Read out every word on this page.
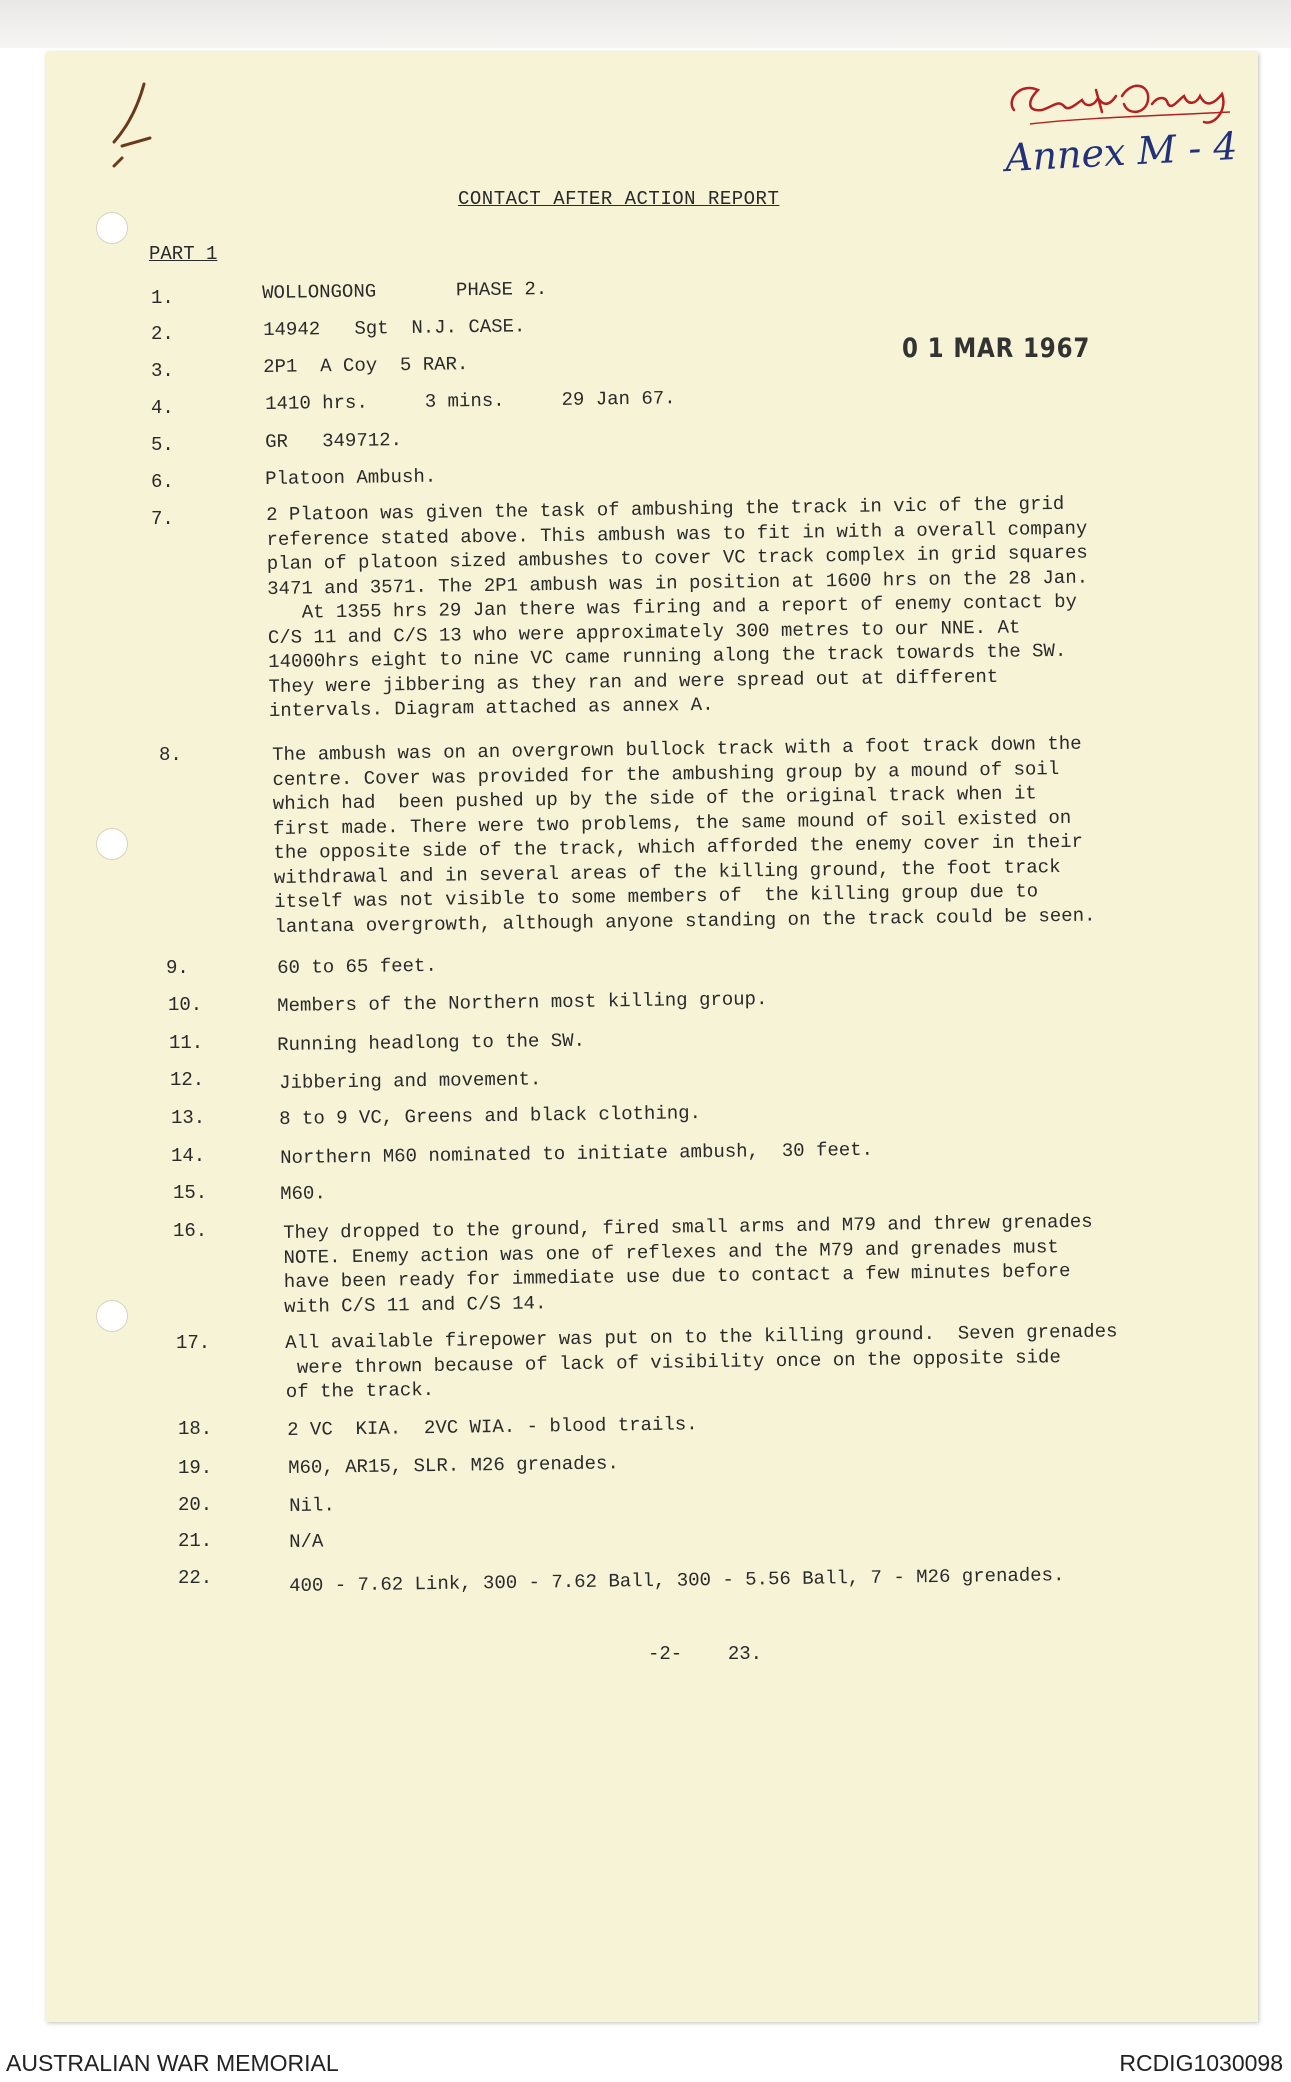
Annex M - 4
CONTACT AFTER ACTION REPORT
PART 1
0 1 MAR 1967
1.	WOLLONGONG       PHASE 2.
2.	14942   Sgt  N.J. CASE.
3.	2P1  A Coy  5 RAR.
4.	1410 hrs.     3 mins.     29 Jan 67.
5.	GR   349712.
6.	Platoon Ambush.
7.	2 Platoon was given the task of ambushing the track in vic of the grid
reference stated above. This ambush was to fit in with a overall company
plan of platoon sized ambushes to cover VC track complex in grid squares
3471 and 3571. The 2P1 ambush was in position at 1600 hrs on the 28 Jan.
At 1355 hrs 29 Jan there was firing and a report of enemy contact by
C/S 11 and C/S 13 who were approximately 300 metres to our NNE. At
14000hrs eight to nine VC came running along the track towards the SW.
They were jibbering as they ran and were spread out at different
intervals. Diagram attached as annex A.
8.	The ambush was on an overgrown bullock track with a foot track down the
centre. Cover was provided for the ambushing group by a mound of soil
which had  been pushed up by the side of the original track when it
first made. There were two problems, the same mound of soil existed on
the opposite side of the track, which afforded the enemy cover in their
withdrawal and in several areas of the killing ground, the foot track
itself was not visible to some members of  the killing group due to
lantana overgrowth, although anyone standing on the track could be seen.
9.	60 to 65 feet.
10.	Members of the Northern most killing group.
11.	Running headlong to the SW.
12.	Jibbering and movement.
13.	8 to 9 VC, Greens and black clothing.
14.	Northern M60 nominated to initiate ambush,  30 feet.
15.	M60.
16.	They dropped to the ground, fired small arms and M79 and threw grenades
NOTE. Enemy action was one of reflexes and the M79 and grenades must
have been ready for immediate use due to contact a few minutes before
with C/S 11 and C/S 14.
17.	All available firepower was put on to the killing ground.  Seven grenades
were thrown because of lack of visibility once on the opposite side
of the track.
18.	2 VC  KIA.  2VC WIA. - blood trails.
19.	M60, AR15, SLR. M26 grenades.
20.	Nil.
21.	N/A
22.	400 - 7.62 Link, 300 - 7.62 Ball, 300 - 5.56 Ball, 7 - M26 grenades.
-2-    23.
AUSTRALIAN WAR MEMORIAL	RCDIG1030098
